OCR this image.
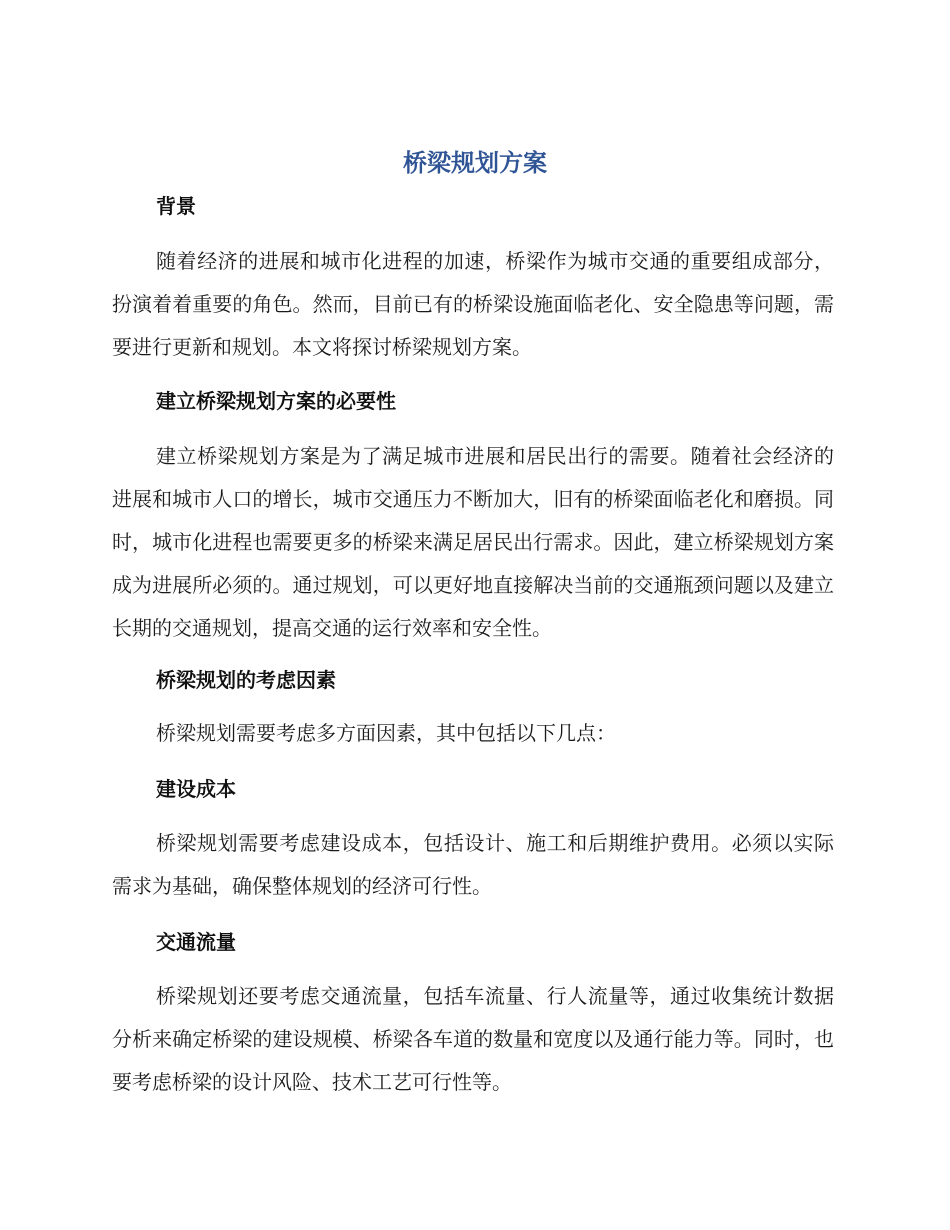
桥梁规划方案
背景
随着经济的进展和城市化进程的加速，桥梁作为城市交通的重要组成部分，扮演着着重要的角色。然而，目前已有的桥梁设施面临老化、安全隐患等问题，需要进行更新和规划。本文将探讨桥梁规划方案。
建立桥梁规划方案的必要性
建立桥梁规划方案是为了满足城市进展和居民出行的需要。随着社会经济的进展和城市人口的增长，城市交通压力不断加大，旧有的桥梁面临老化和磨损。同时，城市化进程也需要更多的桥梁来满足居民出行需求。因此，建立桥梁规划方案成为进展所必须的。通过规划，可以更好地直接解决当前的交通瓶颈问题以及建立长期的交通规划，提高交通的运行效率和安全性。
桥梁规划的考虑因素
桥梁规划需要考虑多方面因素，其中包括以下几点：
建设成本
桥梁规划需要考虑建设成本，包括设计、施工和后期维护费用。必须以实际需求为基础，确保整体规划的经济可行性。
交通流量
桥梁规划还要考虑交通流量，包括车流量、行人流量等，通过收集统计数据分析来确定桥梁的建设规模、桥梁各车道的数量和宽度以及通行能力等。同时，也要考虑桥梁的设计风险、技术工艺可行性等。
